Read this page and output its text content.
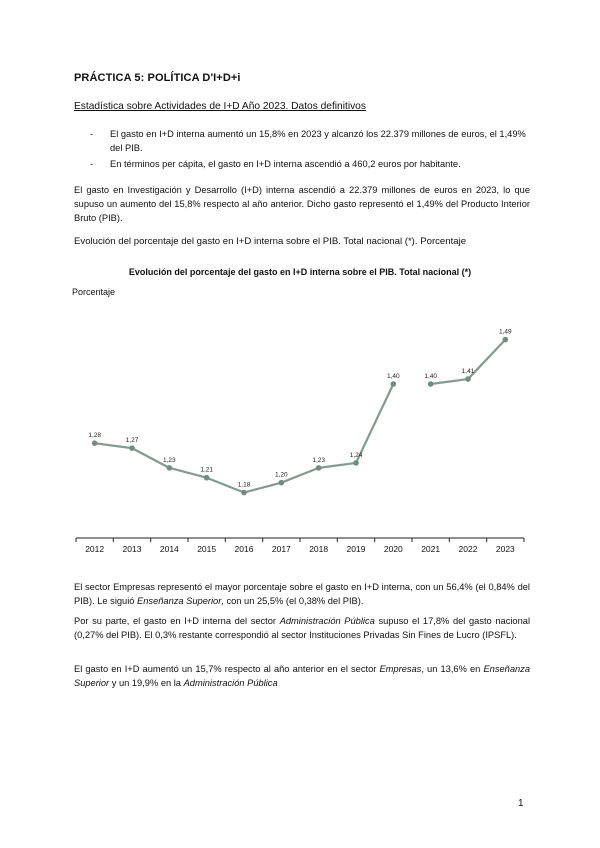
PRÁCTICA 5: POLÍTICA D'I+D+i
Estadística sobre Actividades de I+D Año 2023. Datos definitivos
- El gasto en I+D interna aumentó un 15,8% en 2023 y alcanzó los 22.379 millones de euros, el 1,49% del PIB.
- En términos per cápita, el gasto en I+D interna ascendió a 460,2 euros por habitante.

El gasto en Investigación y Desarrollo (I+D) interna ascendió a 22.379 millones de euros en 2023, lo que supuso un aumento del 15,8% respecto al año anterior. Dicho gasto representó el 1,49% del Producto Interior Bruto (PIB).

Evolución del porcentaje del gasto en I+D interna sobre el PIB. Total nacional (*). Porcentaje

Evolución del porcentaje del gasto en I+D interna sobre el PIB. Total nacional (*)
Porcentaje
2012 2013 2014 2015 2016 2017 2018 2019 2020 2021 2022 2023
1,28
1,27
1,23
1,21
1,18
1,20
1,23
1,24
1,40	1,40
1,41
1,49

El sector Empresas representó el mayor porcentaje sobre el gasto en I+D interna, con un 56,4% (el 0,84% del PIB). Le siguió Enseñanza Superior, con un 25,5% (el 0,38% del PIB).

Por su parte, el gasto en I+D interna del sector Administración Pública supuso el 17,8% del gasto nacional (0,27% del PIB). El 0,3% restante correspondió al sector Instituciones Privadas Sin Fines de Lucro (IPSFL).

El gasto en I+D aumentó un 15,7% respecto al año anterior en el sector Empresas, un 13,6% en Enseñanza Superior y un 19,9% en la Administración Pública

1
